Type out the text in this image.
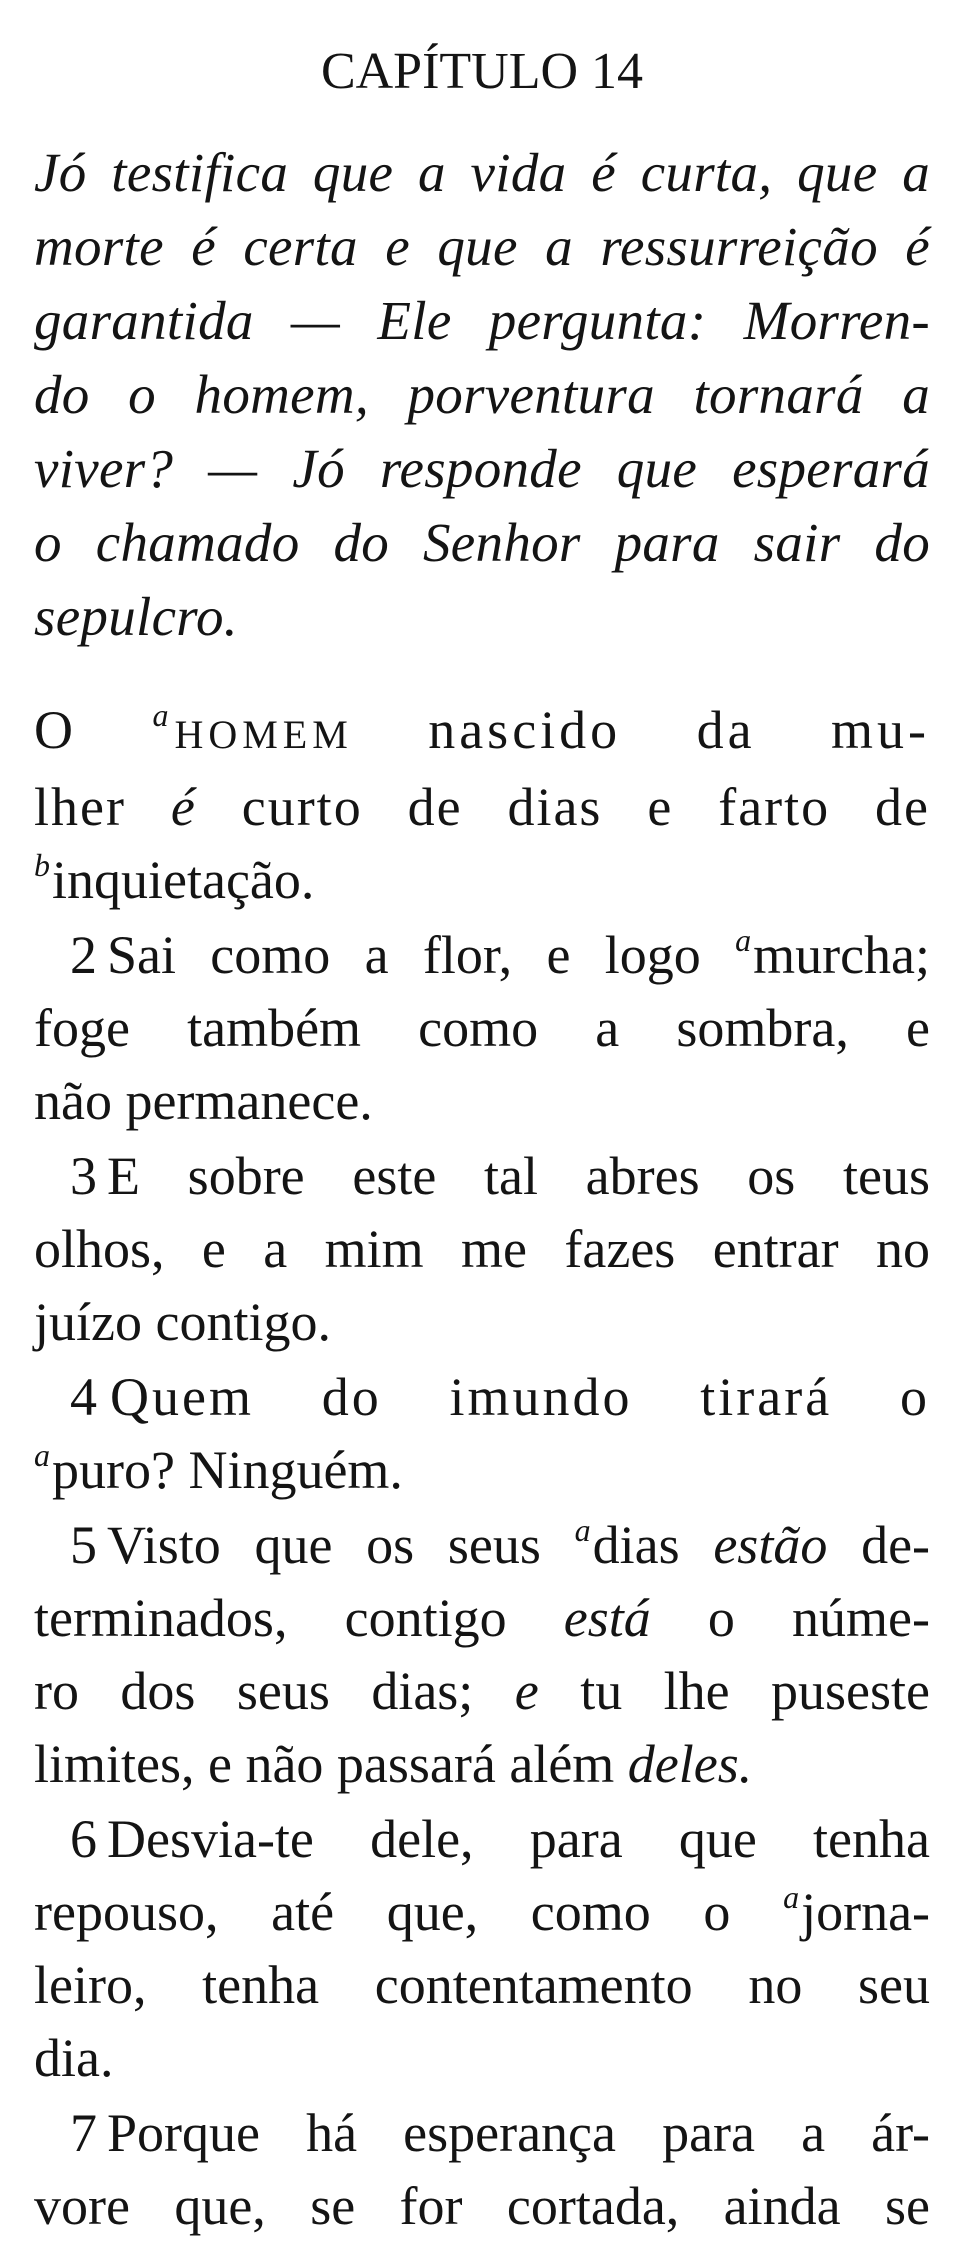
CAPÍTULO 14
Jó testifica que a vida é curta, que a
morte é certa e que a ressurreição é
garantida — Ele pergunta: Morren-
do o homem, porventura tornará a
viver? — Jó responde que esperará
o chamado do Senhor para sair do
sepulcro.
O $^a$HOMEM nascido da mu-
lher é curto de dias e farto de
$^b$inquietação.
2 Sai como a flor, e logo $^a$murcha;
foge também como a sombra, e
não permanece.
3 E sobre este tal abres os teus
olhos, e a mim me fazes entrar no
juízo contigo.
4 Quem do imundo tirará o
$^a$puro? Ninguém.
5 Visto que os seus $^a$dias estão de-
terminados, contigo está o núme-
ro dos seus dias; e tu lhe puseste
limites, e não passará além deles.
6 Desvia-te dele, para que tenha
repouso, até que, como o $^a$jorna-
leiro, tenha contentamento no seu
dia.
7 Porque há esperança para a ár-
vore que, se for cortada, ainda se
